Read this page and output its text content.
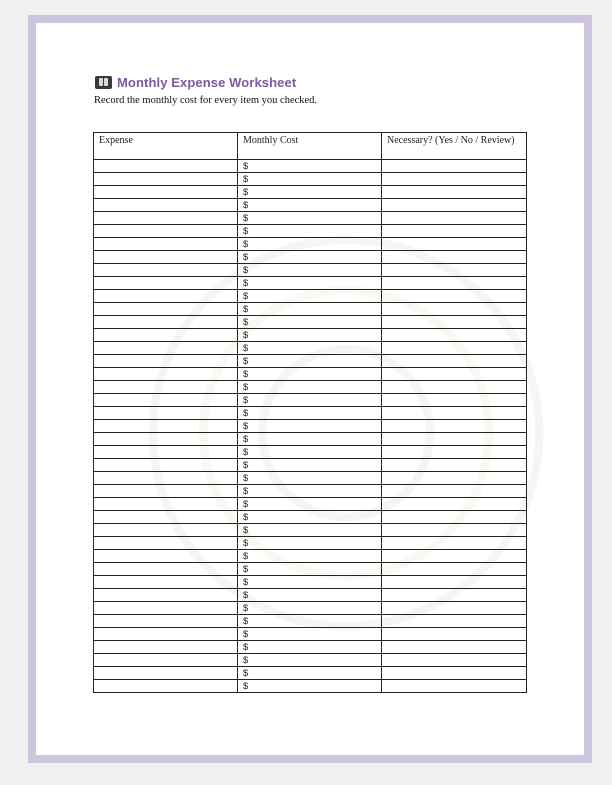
Monthly Expense Worksheet
Record the monthly cost for every item you checked.
Expense	Monthly Cost	Necessary? (Yes / No / Review)
	$	
	$	
	$	
	$	
	$	
	$	
	$	
	$	
	$	
	$	
	$	
	$	
	$	
	$	
	$	
	$	
	$	
	$	
	$	
	$	
	$	
	$	
	$	
	$	
	$	
	$	
	$	
	$	
	$	
	$	
	$	
	$	
	$	
	$	
	$	
	$	
	$	
	$	
	$	
	$	
	$	
